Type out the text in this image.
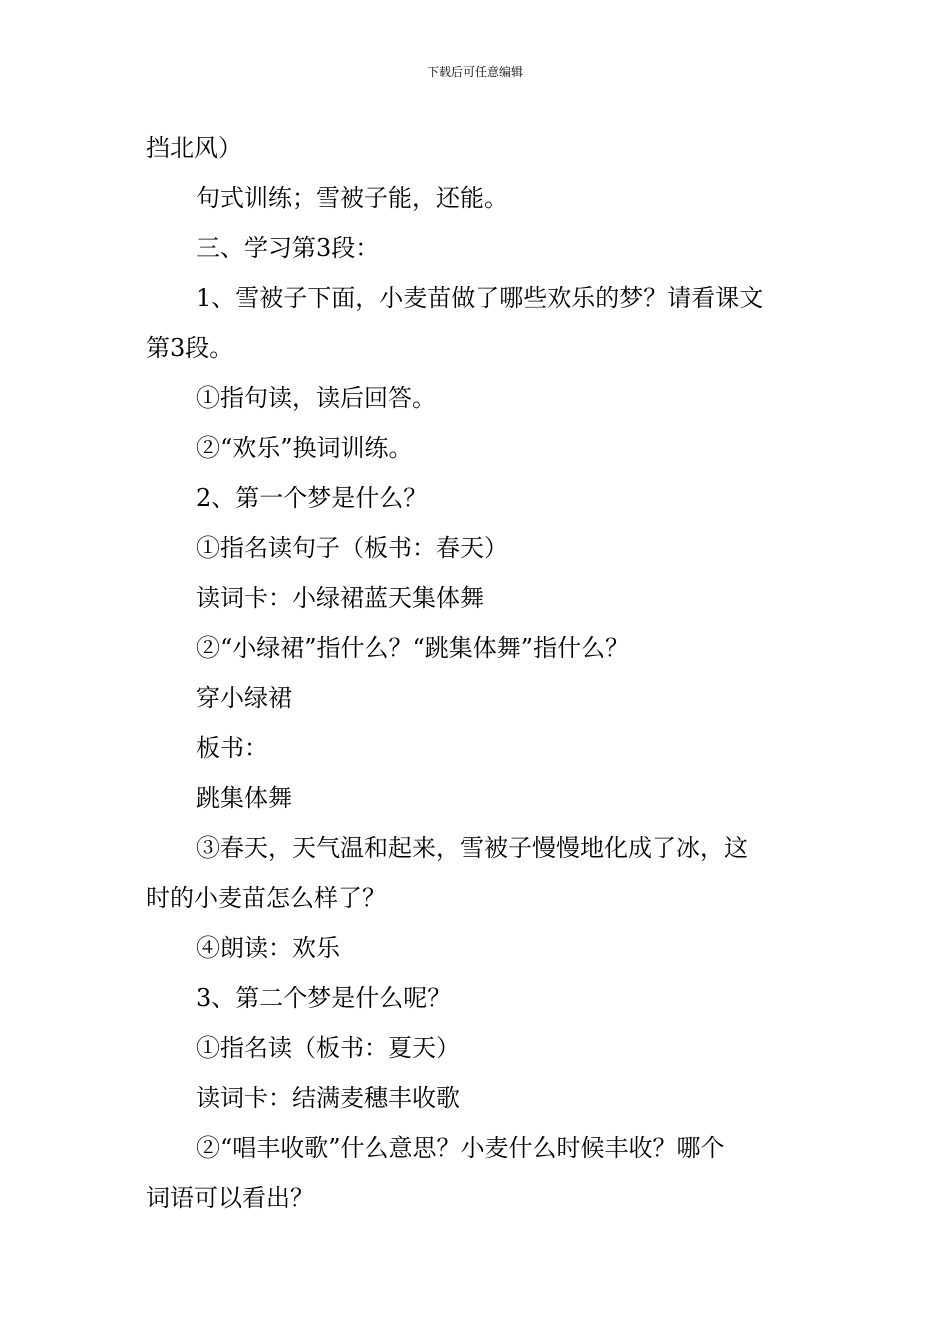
下载后可任意编辑
挡北风）
句式训练；雪被子能，还能。
三、学习第3段：
1、雪被子下面，小麦苗做了哪些欢乐的梦？请看课文
第3段。
①指句读，读后回答。
②“欢乐”换词训练。
2、第一个梦是什么？
①指名读句子（板书：春天）
读词卡：小绿裙蓝天集体舞
②“小绿裙”指什么？“跳集体舞”指什么？
穿小绿裙
板书：
跳集体舞
③春天，天气温和起来，雪被子慢慢地化成了冰，这
时的小麦苗怎么样了？
④朗读：欢乐
3、第二个梦是什么呢？
①指名读（板书：夏天）
读词卡：结满麦穗丰收歌
②“唱丰收歌”什么意思？小麦什么时候丰收？哪个
词语可以看出？
